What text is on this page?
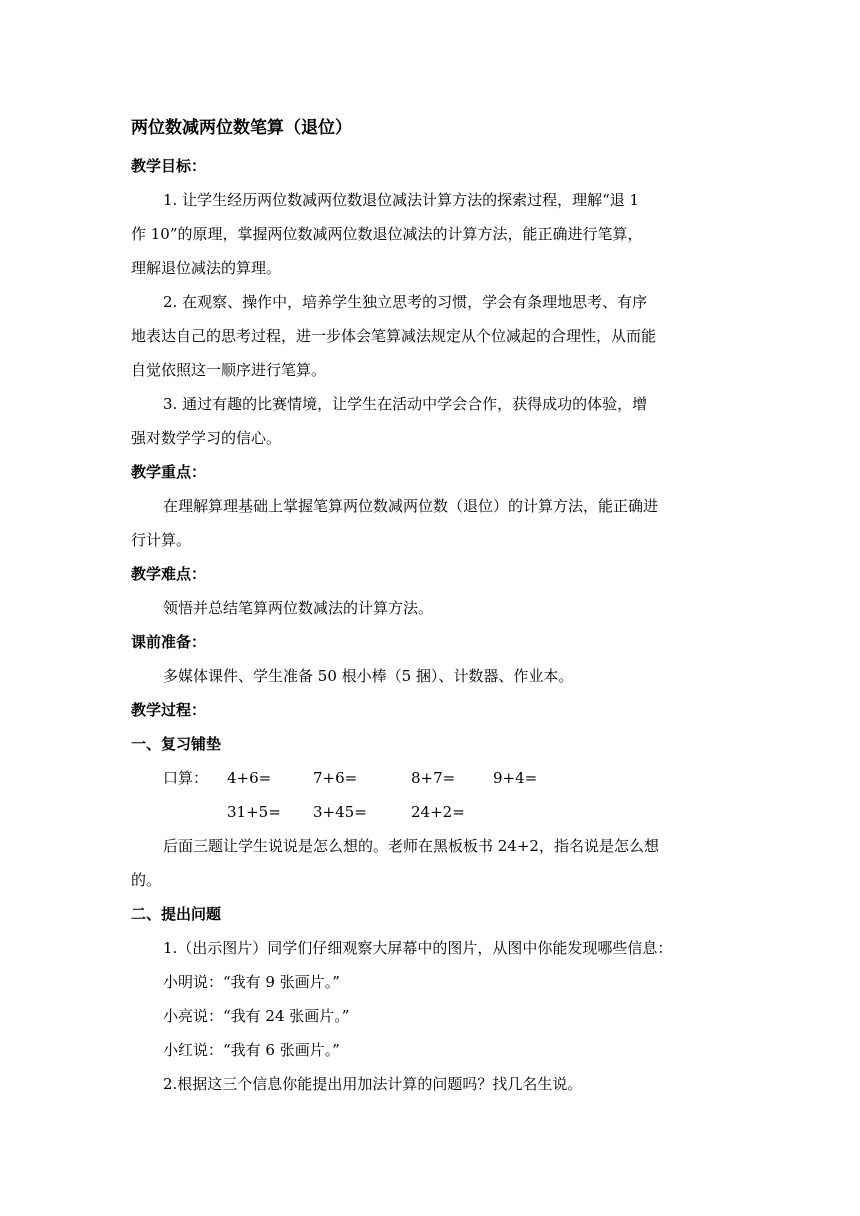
两位数减两位数笔算（退位）
教学目标：
1. 让学生经历两位数减两位数退位减法计算方法的探索过程，理解“退 1
作 10”的原理，掌握两位数减两位数退位减法的计算方法，能正确进行笔算，
理解退位减法的算理。
2. 在观察、操作中，培养学生独立思考的习惯，学会有条理地思考、有序
地表达自己的思考过程，进一步体会笔算减法规定从个位减起的合理性，从而能
自觉依照这一顺序进行笔算。
3. 通过有趣的比赛情境，让学生在活动中学会合作，获得成功的体验，增
强对数学学习的信心。
教学重点：
在理解算理基础上掌握笔算两位数减两位数（退位）的计算方法，能正确进
行计算。
教学难点：
领悟并总结笔算两位数减法的计算方法。
课前准备：
多媒体课件、学生准备 50 根小棒（5 捆）、计数器、作业本。
教学过程：
一、复习铺垫
口算： 4+6=	7+6=	8+7=	9+4=
31+5= 3+45=	24+2=
后面三题让学生说说是怎么想的。老师在黑板板书 24+2，指名说是怎么想
的。
二、提出问题
1.（出示图片）同学们仔细观察大屏幕中的图片，从图中你能发现哪些信息：
小明说：“我有 9 张画片。”
小亮说：“我有 24 张画片。”
小红说：“我有 6 张画片。”
2.根据这三个信息你能提出用加法计算的问题吗？找几名生说。
